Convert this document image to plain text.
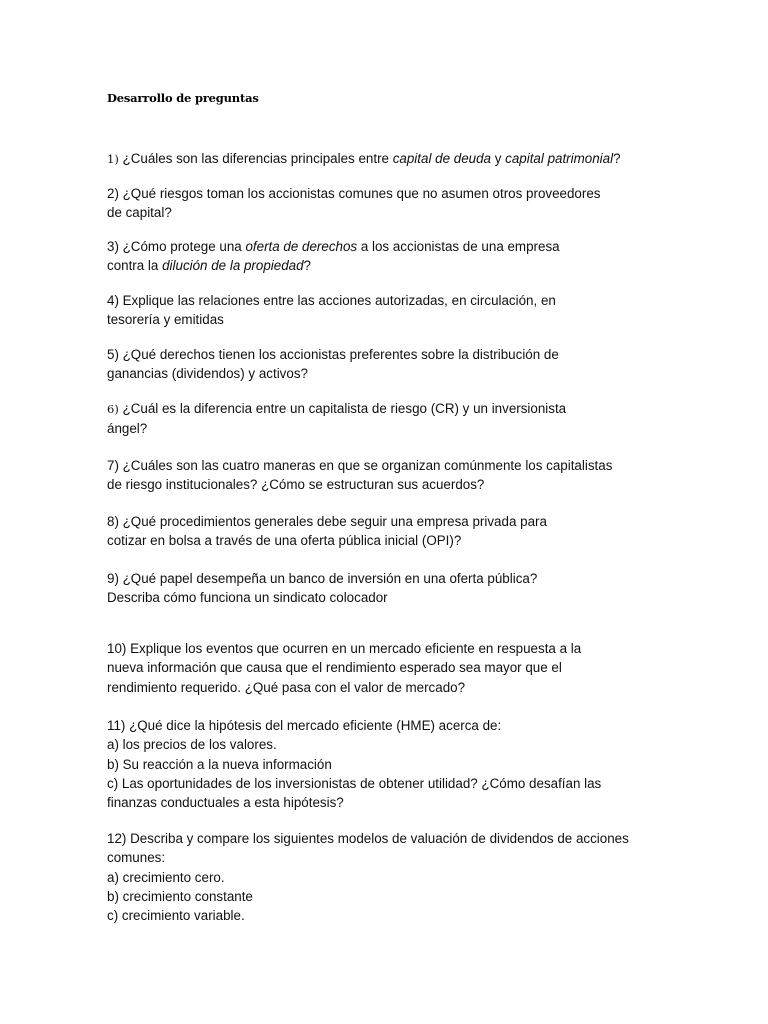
Desarrollo de preguntas
1) ¿Cuáles son las diferencias principales entre capital de deuda y capital patrimonial?
2) ¿Qué riesgos toman los accionistas comunes que no asumen otros proveedores
de capital?
3) ¿Cómo protege una oferta de derechos a los accionistas de una empresa
contra la dilución de la propiedad?
4) Explique las relaciones entre las acciones autorizadas, en circulación, en
tesorería y emitidas
5) ¿Qué derechos tienen los accionistas preferentes sobre la distribución de
ganancias (dividendos) y activos?
6) ¿Cuál es la diferencia entre un capitalista de riesgo (CR) y un inversionista
ángel?
7) ¿Cuáles son las cuatro maneras en que se organizan comúnmente los capitalistas
de riesgo institucionales? ¿Cómo se estructuran sus acuerdos?
8) ¿Qué procedimientos generales debe seguir una empresa privada para
cotizar en bolsa a través de una oferta pública inicial (OPI)?
9) ¿Qué papel desempeña un banco de inversión en una oferta pública?
Describa cómo funciona un sindicato colocador
10) Explique los eventos que ocurren en un mercado eficiente en respuesta a la
nueva información que causa que el rendimiento esperado sea mayor que el
rendimiento requerido. ¿Qué pasa con el valor de mercado?
11) ¿Qué dice la hipótesis del mercado eficiente (HME) acerca de:
a) los precios de los valores.
b) Su reacción a la nueva información
c) Las oportunidades de los inversionistas de obtener utilidad? ¿Cómo desafían las
finanzas conductuales a esta hipótesis?
12) Describa y compare los siguientes modelos de valuación de dividendos de acciones
comunes:
a) crecimiento cero.
b) crecimiento constante
c) crecimiento variable.
